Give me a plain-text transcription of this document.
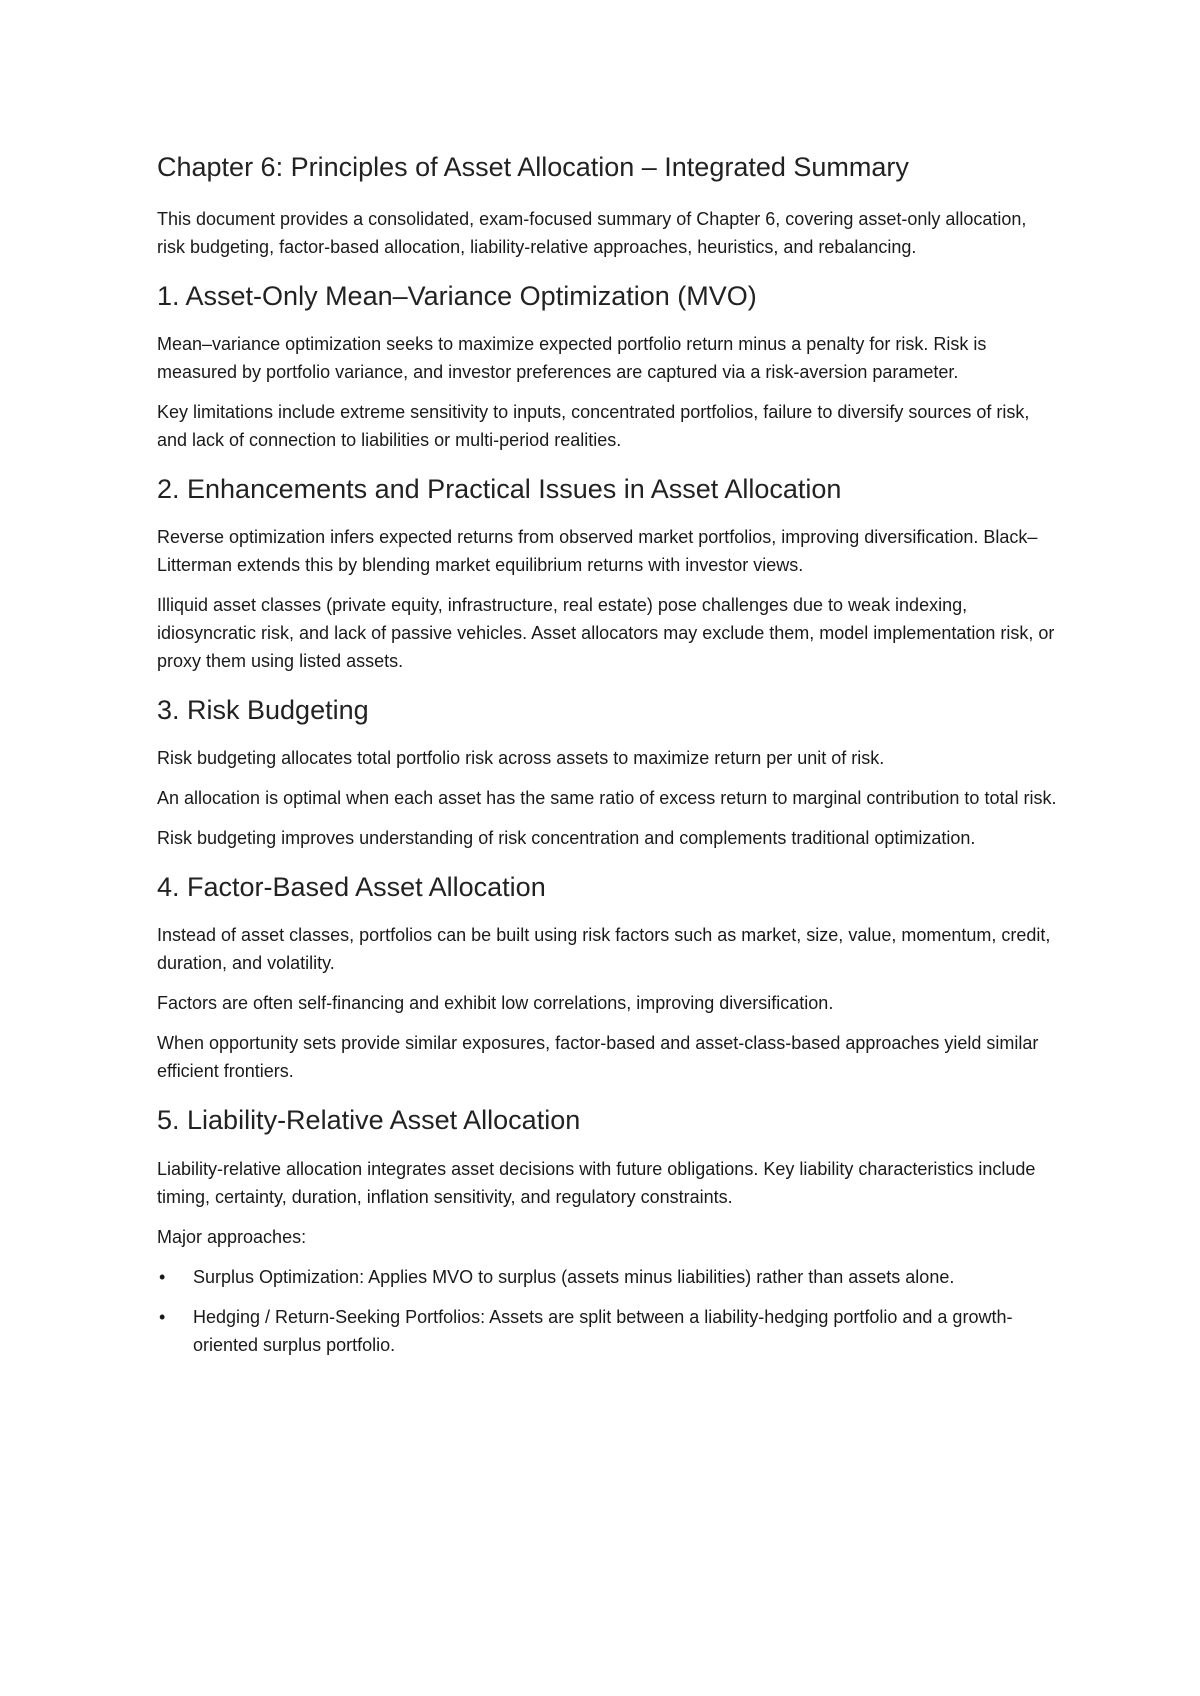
Chapter 6: Principles of Asset Allocation – Integrated Summary

This document provides a consolidated, exam-focused summary of Chapter 6, covering asset-only allocation, risk budgeting, factor-based allocation, liability-relative approaches, heuristics, and rebalancing.

1. Asset-Only Mean–Variance Optimization (MVO)

Mean–variance optimization seeks to maximize expected portfolio return minus a penalty for risk. Risk is measured by portfolio variance, and investor preferences are captured via a risk-aversion parameter.

Key limitations include extreme sensitivity to inputs, concentrated portfolios, failure to diversify sources of risk, and lack of connection to liabilities or multi-period realities.

2. Enhancements and Practical Issues in Asset Allocation

Reverse optimization infers expected returns from observed market portfolios, improving diversification. Black–Litterman extends this by blending market equilibrium returns with investor views.

Illiquid asset classes (private equity, infrastructure, real estate) pose challenges due to weak indexing, idiosyncratic risk, and lack of passive vehicles. Asset allocators may exclude them, model implementation risk, or proxy them using listed assets.

3. Risk Budgeting

Risk budgeting allocates total portfolio risk across assets to maximize return per unit of risk.

An allocation is optimal when each asset has the same ratio of excess return to marginal contribution to total risk.

Risk budgeting improves understanding of risk concentration and complements traditional optimization.

4. Factor-Based Asset Allocation

Instead of asset classes, portfolios can be built using risk factors such as market, size, value, momentum, credit, duration, and volatility.

Factors are often self-financing and exhibit low correlations, improving diversification.

When opportunity sets provide similar exposures, factor-based and asset-class-based approaches yield similar efficient frontiers.

5. Liability-Relative Asset Allocation

Liability-relative allocation integrates asset decisions with future obligations. Key liability characteristics include timing, certainty, duration, inflation sensitivity, and regulatory constraints.

Major approaches:

• Surplus Optimization: Applies MVO to surplus (assets minus liabilities) rather than assets alone.
• Hedging / Return-Seeking Portfolios: Assets are split between a liability-hedging portfolio and a growth-oriented surplus portfolio.
